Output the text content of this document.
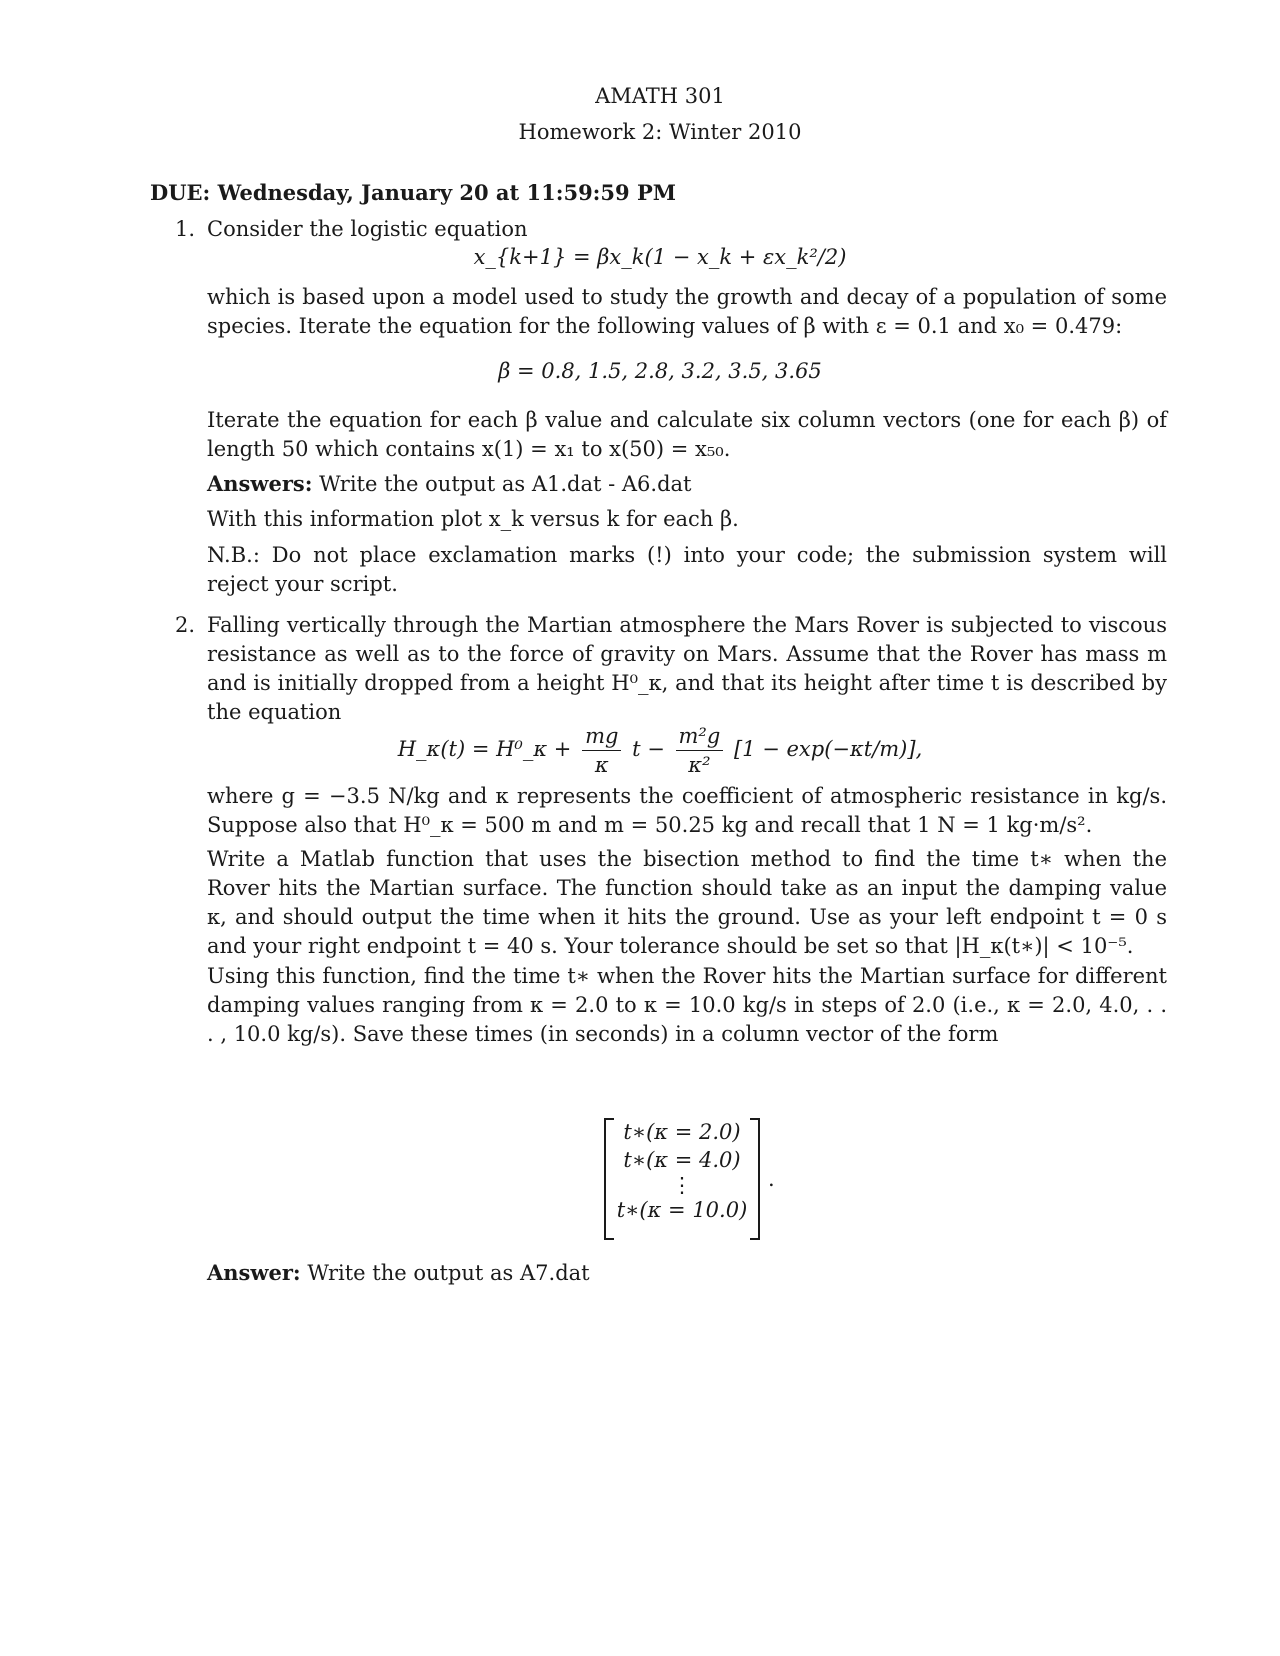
AMATH 301
Homework 2: Winter 2010
DUE: Wednesday, January 20 at 11:59:59 PM
1. Consider the logistic equation
x_{k+1} = βx_k(1 − x_k + εx_k²/2)
which is based upon a model used to study the growth and decay of a population of some species. Iterate the equation for the following values of β with ε = 0.1 and x₀ = 0.479:
β = 0.8, 1.5, 2.8, 3.2, 3.5, 3.65
Iterate the equation for each β value and calculate six column vectors (one for each β) of length 50 which contains x(1) = x₁ to x(50) = x₅₀.
Answers: Write the output as A1.dat - A6.dat
With this information plot x_k versus k for each β.
N.B.: Do not place exclamation marks (!) into your code; the submission system will reject your script.
2. Falling vertically through the Martian atmosphere the Mars Rover is subjected to viscous resistance as well as to the force of gravity on Mars. Assume that the Rover has mass m and is initially dropped from a height H⁰_κ, and that its height after time t is described by the equation
H_κ(t) = H⁰_κ + $\frac{mg}{\kappa}$ $t - \frac{\text{m²g}}{\text{κ²}} [1 - \exp(-\kappa t/m)]$,
where g = −3.5 N/kg and κ represents the coefficient of atmospheric resistance in kg/s. Suppose also that H⁰_κ = 500 m and m = 50.25 kg and recall that 1 N = 1 kg·m/s².
Write a Matlab function that uses the bisection method to find the time t∗ when the Rover hits the Martian surface. The function should take as an input the damping value κ, and should output the time when it hits the ground. Use as your left endpoint t = 0 s and your right endpoint t = 40 s. Your tolerance should be set so that |H_κ(t∗)| < 10⁻⁵.
Using this function, find the time t∗ when the Rover hits the Martian surface for different damping values ranging from κ = 2.0 to κ = 10.0 kg/s in steps of 2.0 (i.e., κ = 2.0, 4.0, . . . , 10.0 kg/s). Save these times (in seconds) in a column vector of the form
t∗(κ = 2.0)
t∗(κ = 4.0)
⋮
t∗(κ = 10.0)
.
Answer: Write the output as A7.dat
